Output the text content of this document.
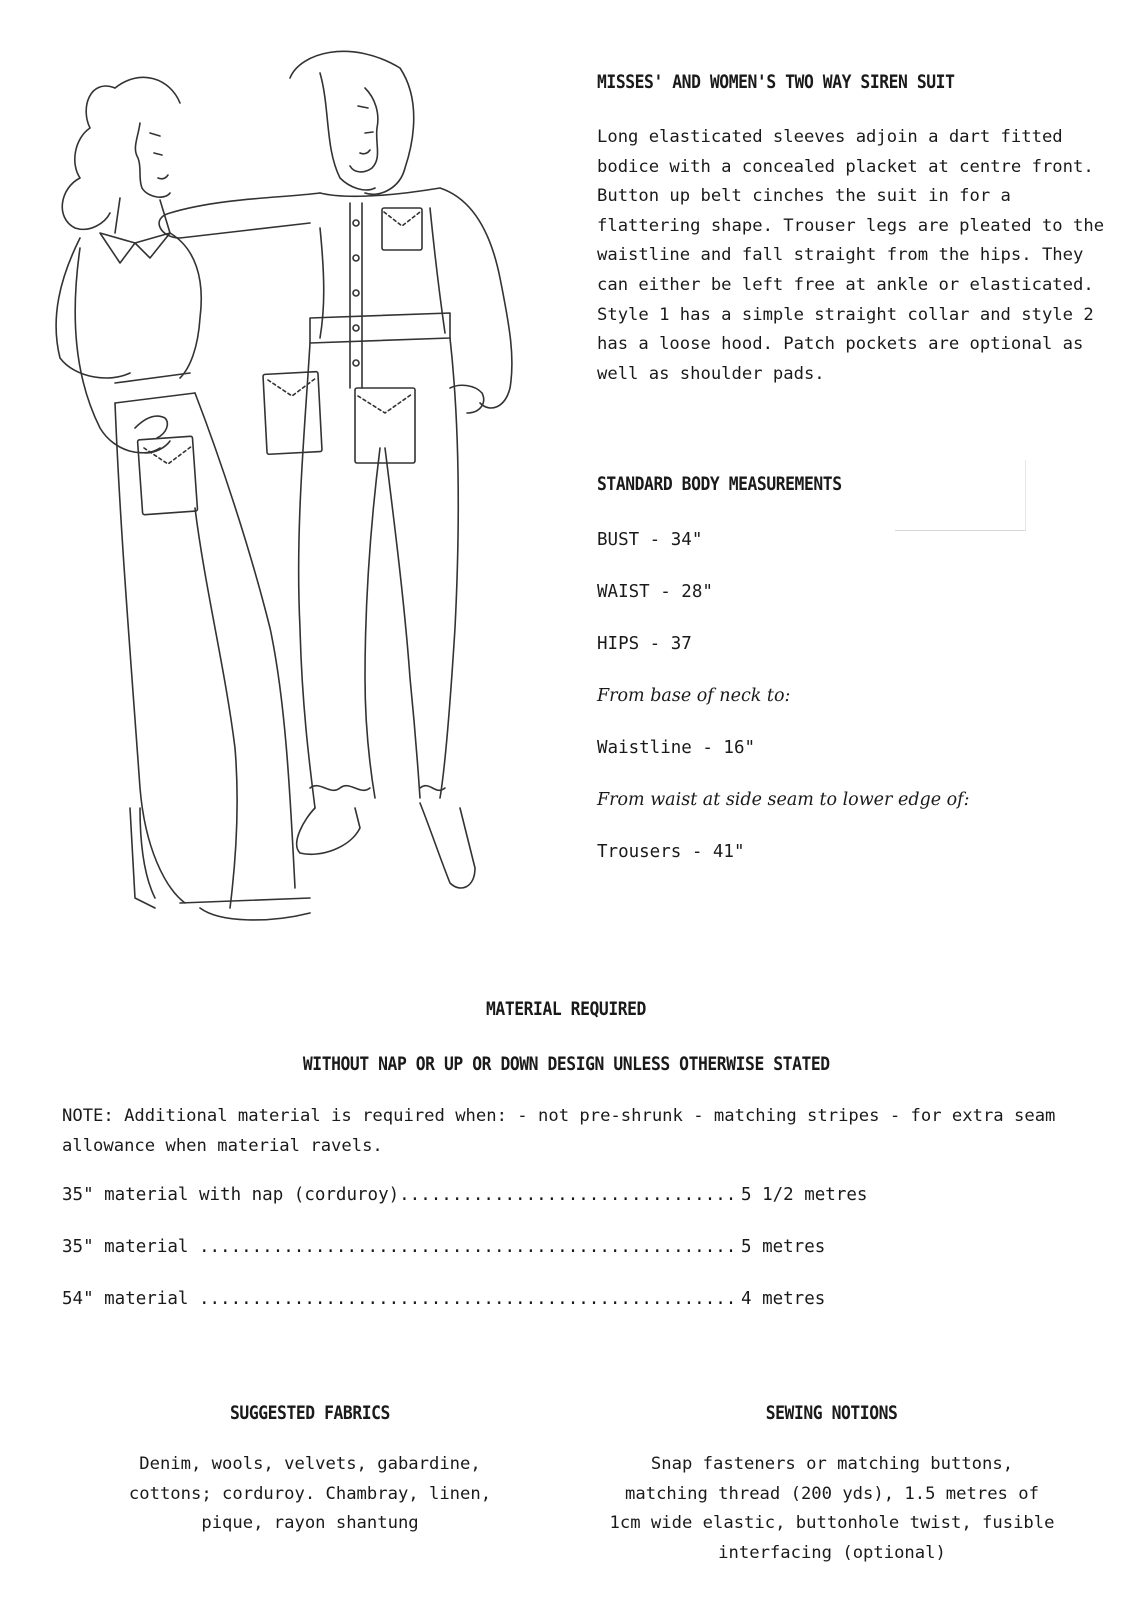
MISSES' AND WOMEN'S TWO WAY SIREN SUIT
Long elasticated sleeves adjoin a dart fitted
bodice with a concealed placket at centre front.
Button up belt cinches the suit in for a
flattering shape. Trouser legs are pleated to the
waistline and fall straight from the hips. They
can either be left free at ankle or elasticated.
Style 1 has a simple straight collar and style 2
has a loose hood. Patch pockets are optional as
well as shoulder pads.
STANDARD BODY MEASUREMENTS
BUST - 34"
WAIST - 28"
HIPS - 37
From base of neck to:
Waistline - 16"
From waist at side seam to lower edge of:
Trousers - 41"
MATERIAL REQUIRED
WITHOUT NAP OR UP OR DOWN DESIGN UNLESS OTHERWISE STATED
NOTE: Additional material is required when: - not pre-shrunk - matching stripes - for extra seam
allowance when material ravels.
35" material with nap (corduroy)................................ 5 1/2 metres
35" material ................................................... 5 metres
54" material ................................................... 4 metres
SUGGESTED FABRICS
Denim, wools, velvets, gabardine,
cottons; corduroy. Chambray, linen,
pique, rayon shantung
SEWING NOTIONS
Snap fasteners or matching buttons,
matching thread (200 yds), 1.5 metres of
1cm wide elastic, buttonhole twist, fusible
interfacing (optional)
